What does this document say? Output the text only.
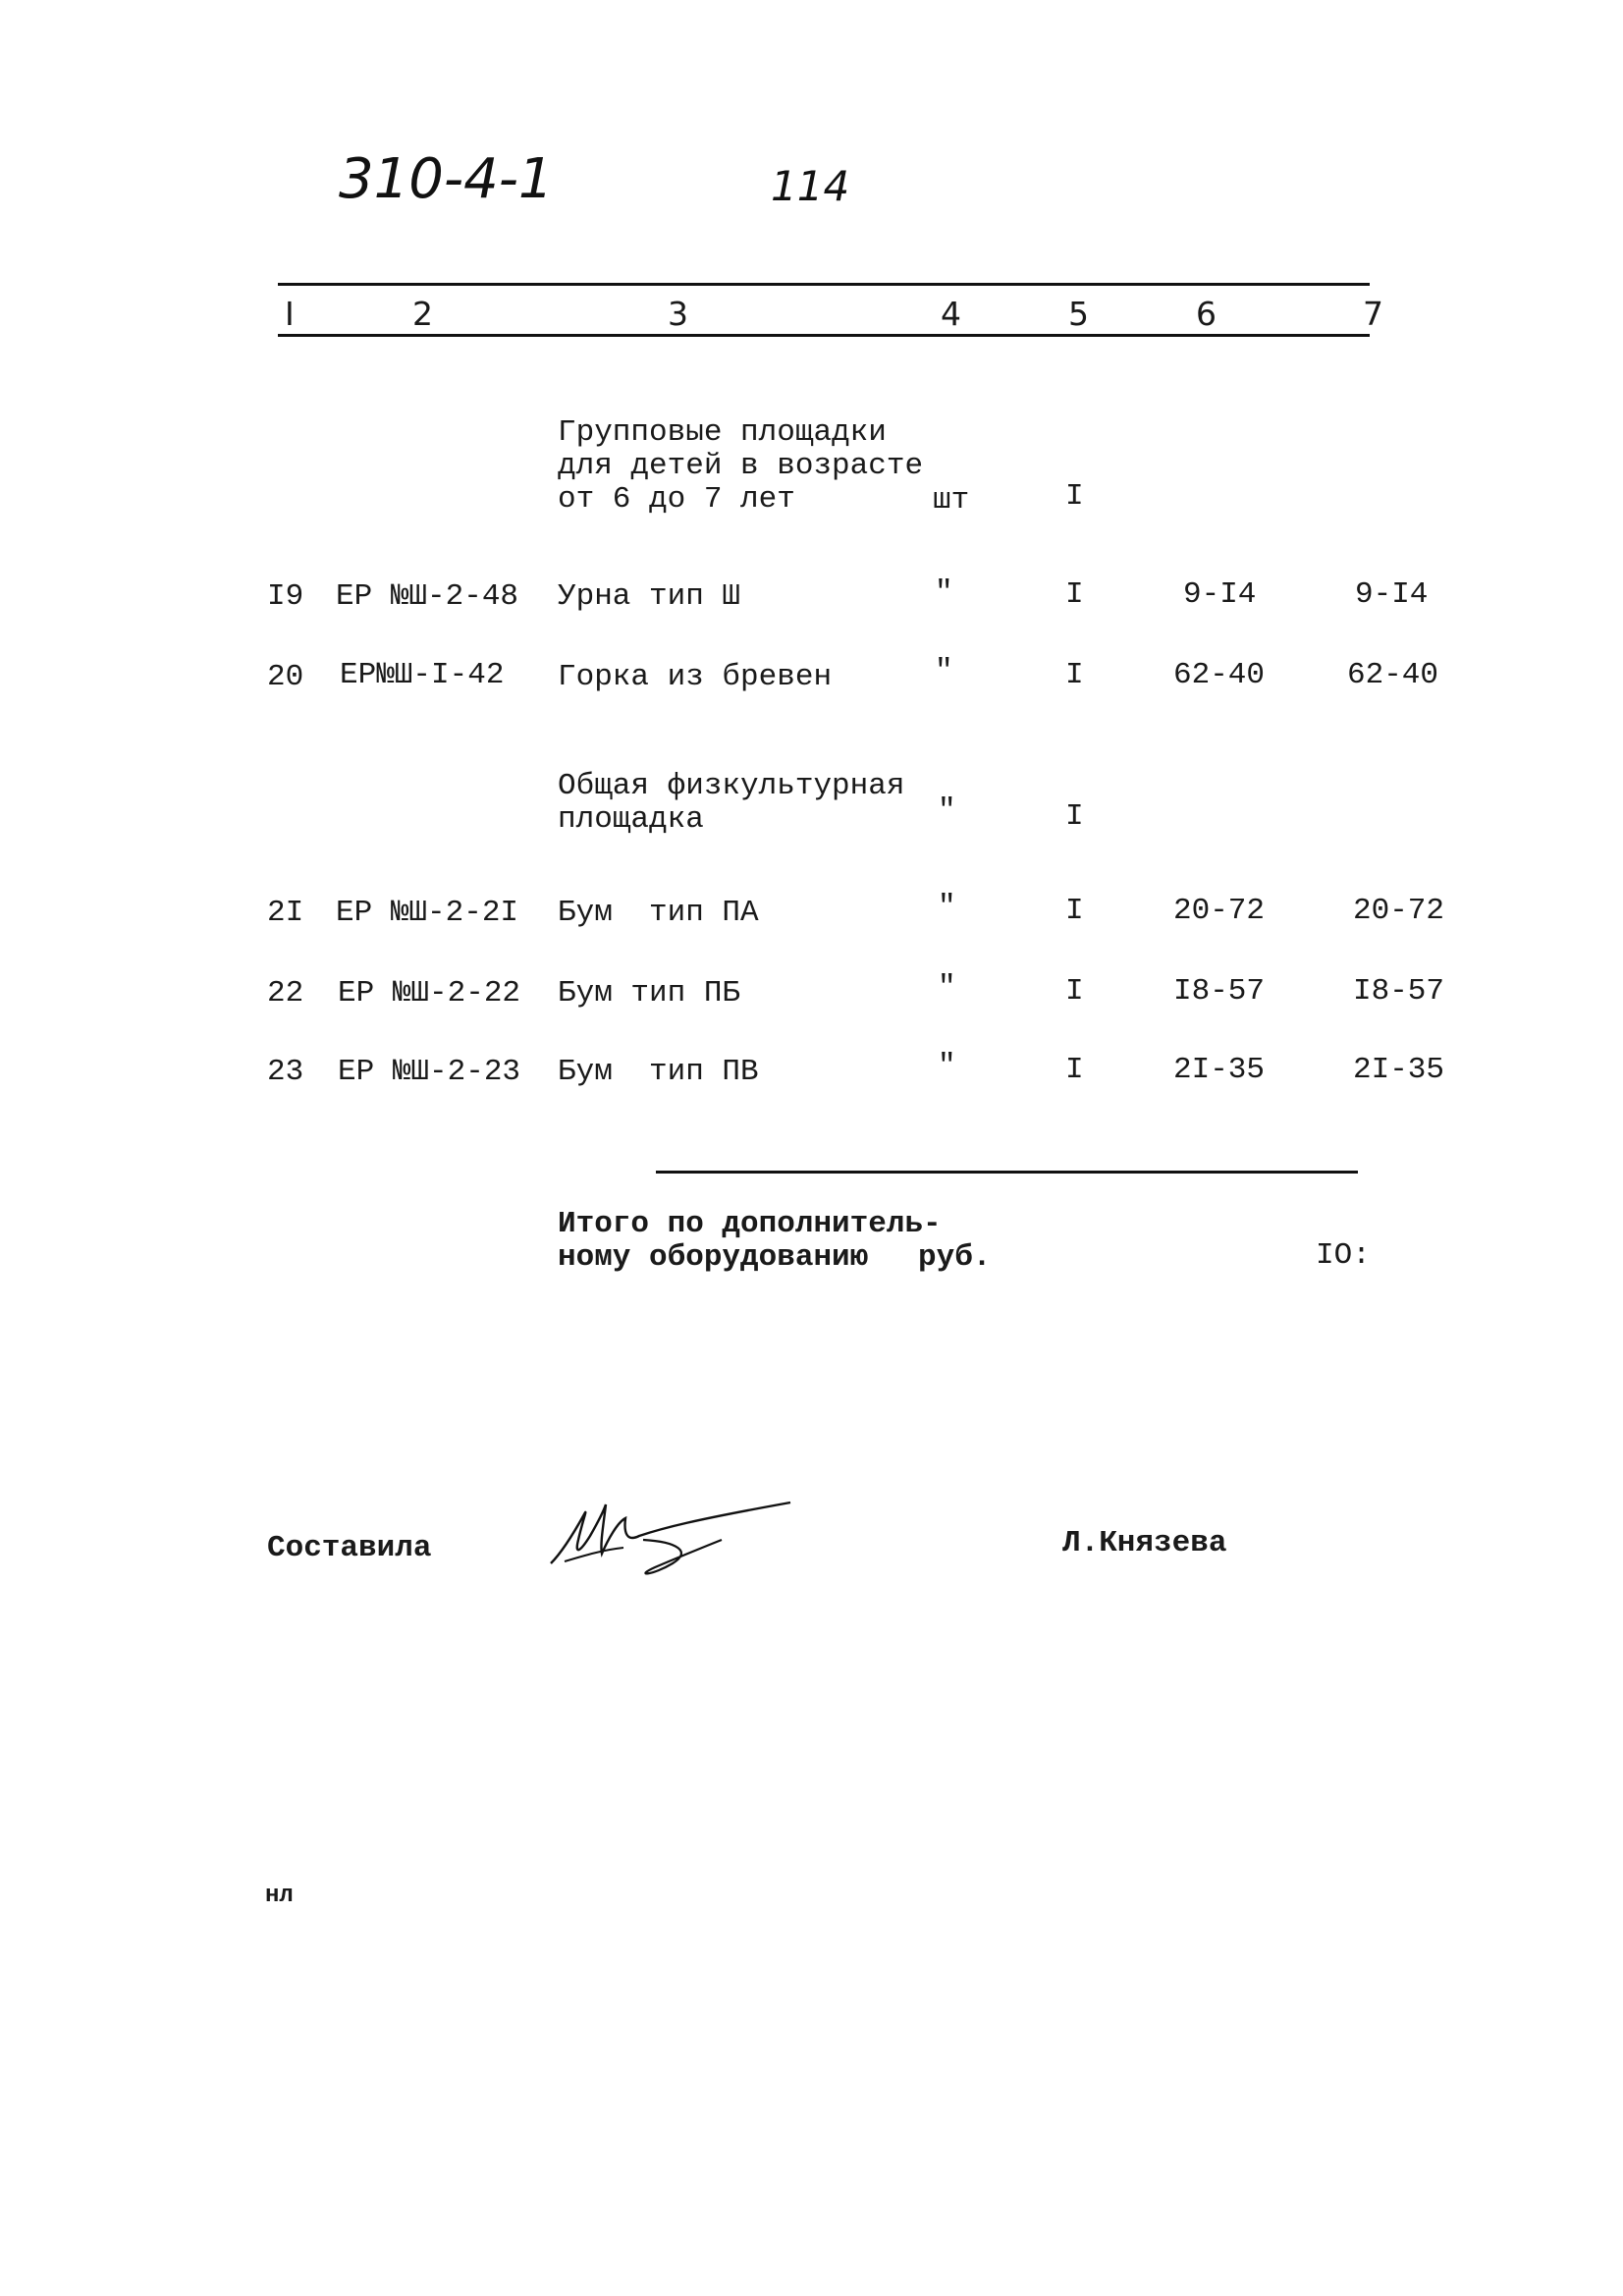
310-4-1	114
I	2	3	4	5	6	7
Групповые площадки
для детей в возрасте
от 6 до 7 лет	шт	I
I9 ЕР №Ш-2-48 Урна тип Ш	"	I	9-I4	9-I4
20 ЕР№Ш-I-42 Горка из бревен	"	I	62-40	62-40
Общая физкультурная
площадка	"	I
2I ЕР №Ш-2-2I Бум  тип ПА	"	I	20-72	20-72
22 ЕР №Ш-2-22 Бум тип ПБ	"	I	I8-57	I8-57
23 ЕР №Ш-2-23 Бум  тип ПВ	"	I	2I-35	2I-35
Итого по дополнитель-
ному оборудованию руб.	IO:
Составила	Л.Князева
нл
